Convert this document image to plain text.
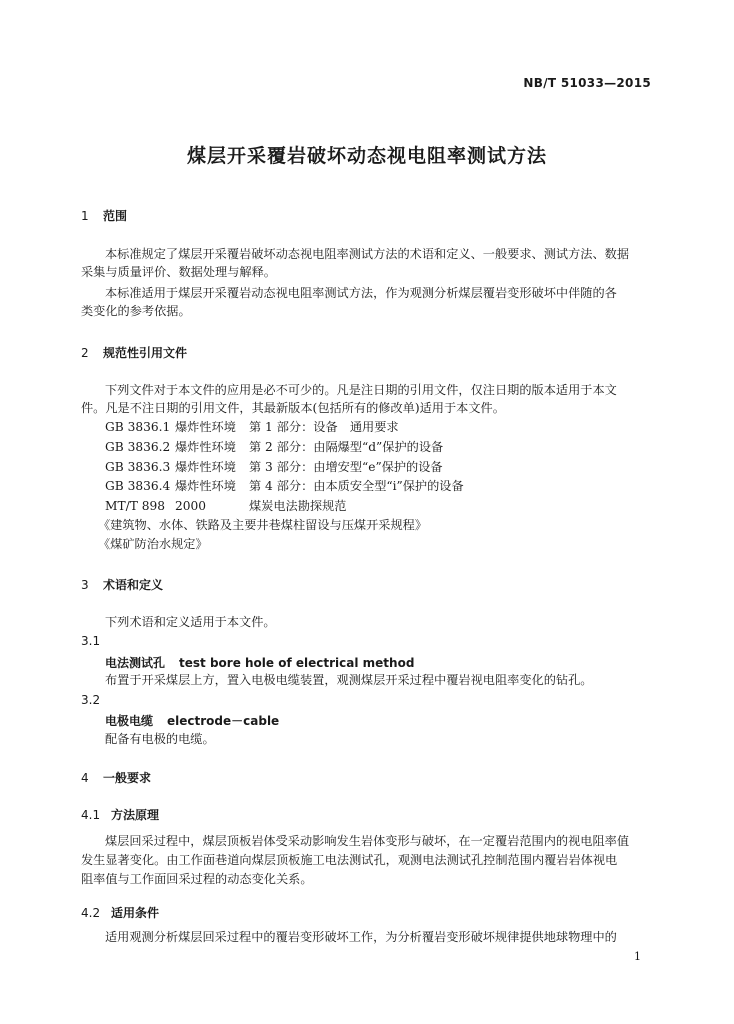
NB/T 51033—2015
煤层开采覆岩破坏动态视电阻率测试方法
1 范围
本标准规定了煤层开采覆岩破坏动态视电阻率测试方法的术语和定义、一般要求、测试方法、数据
采集与质量评价、数据处理与解释。
本标准适用于煤层开采覆岩动态视电阻率测试方法，作为观测分析煤层覆岩变形破坏中伴随的各
类变化的参考依据。
2 规范性引用文件
下列文件对于本文件的应用是必不可少的。凡是注日期的引用文件，仅注日期的版本适用于本文
件。凡是不注日期的引用文件，其最新版本(包括所有的修改单)适用于本文件。
GB 3836.1 爆炸性环境 第 1 部分：设备　通用要求
GB 3836.2 爆炸性环境 第 2 部分：由隔爆型“d”保护的设备
GB 3836.3 爆炸性环境 第 3 部分：由增安型“e”保护的设备
GB 3836.4 爆炸性环境 第 4 部分：由本质安全型“i”保护的设备
MT/T 898 2000	煤炭电法勘探规范
《建筑物、水体、铁路及主要井巷煤柱留设与压煤开采规程》
《煤矿防治水规定》
3 术语和定义
下列术语和定义适用于本文件。
3.1
电法测试孔 test bore hole of electrical method
布置于开采煤层上方，置入电极电缆装置，观测煤层开采过程中覆岩视电阻率变化的钻孔。
3.2
电极电缆 electrode－cable
配备有电极的电缆。
4 一般要求
4.1 方法原理
煤层回采过程中，煤层顶板岩体受采动影响发生岩体变形与破坏，在一定覆岩范围内的视电阻率值
发生显著变化。由工作面巷道向煤层顶板施工电法测试孔，观测电法测试孔控制范围内覆岩岩体视电
阻率值与工作面回采过程的动态变化关系。
4.2 适用条件
适用观测分析煤层回采过程中的覆岩变形破坏工作，为分析覆岩变形破坏规律提供地球物理中的
1
